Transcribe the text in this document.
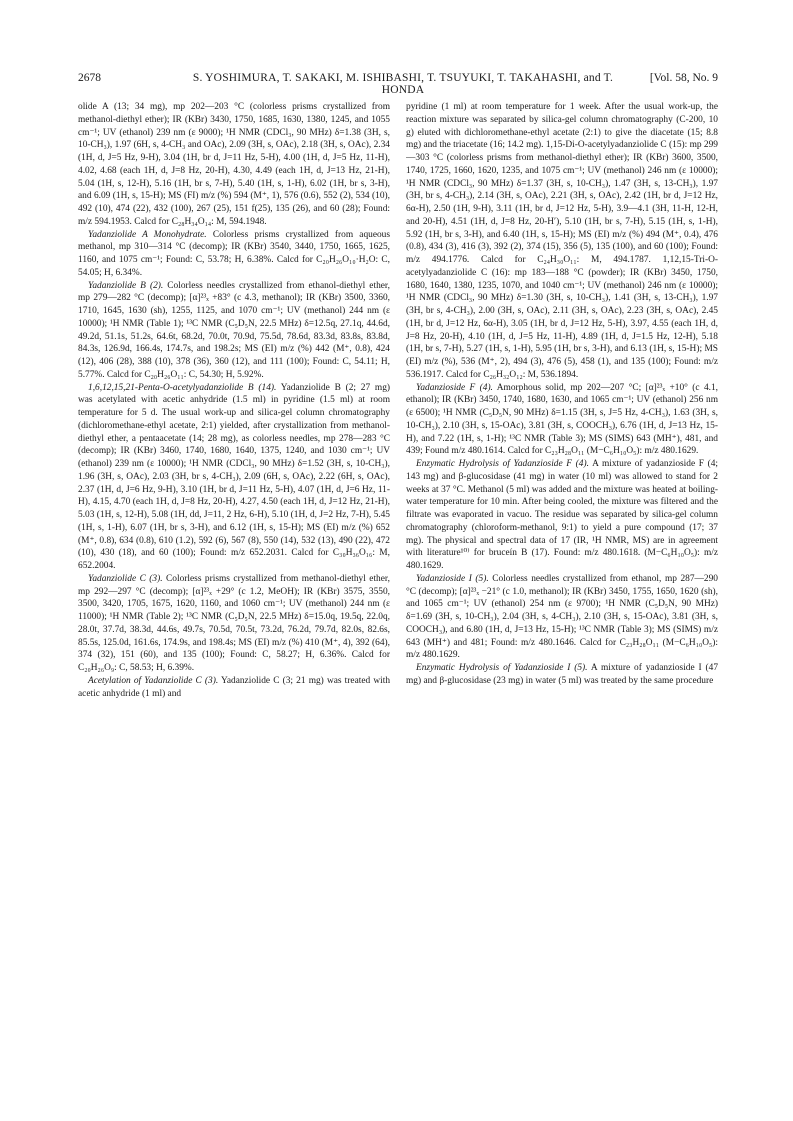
2678	S. YOSHIMURA, T. SAKAKI, M. ISHIBASHI, T. TSUYUKI, T. TAKAHASHI, and T. HONDA
[Vol. 58, No. 9

olide A (13; 34 mg), mp 202—203 °C (colorless prisms crystallized from methanol-diethyl ether); IR (KBr) 3430, 1750, 1685, 1630, 1380, 1245, and 1055 cm⁻¹; UV (ethanol) 239 nm (ε 9000); ¹H NMR (CDCl₃, 90 MHz) δ=1.38 (3H, s, 10-CH₃), 1.97 (6H, s, 4-CH₃ and OAc), 2.09 (3H, s, OAc), 2.18 (3H, s, OAc), 2.34 (1H, d, J=5 Hz, 9-H), 3.04 (1H, br d, J=11 Hz, 5-H), 4.00 (1H, d, J=5 Hz, 11-H), 4.02, 4.68 (each 1H, d, J=8 Hz, 20-H), 4.30, 4.49 (each 1H, d, J=13 Hz, 21-H), 5.04 (1H, s, 12-H), 5.16 (1H, br s, 7-H), 5.40 (1H, s, 1-H), 6.02 (1H, br s, 3-H), and 6.09 (1H, s, 15-H); MS (FI) m/z (%) 594 (M⁺, 1), 576 (0.6), 552 (2), 534 (10), 492 (10), 474 (22), 432 (100), 267 (25), 151 f(25), 135 (26), and 60 (28); Found: m/z 594.1953. Calcd for C₂₈H₃₄O₁₄: M, 594.1948.

Yadanziolide A Monohydrate. Colorless prisms crystallized from aqueous methanol, mp 310—314 °C (decomp); IR (KBr) 3540, 3440, 1750, 1665, 1625, 1160, and 1075 cm⁻¹; Found: C, 53.78; H, 6.38%. Calcd for C₂₀H₂₆O₁₀·H₂O: C, 54.05; H, 6.34%.

Yadanziolide B (2). Colorless needles crystallized from ethanol-diethyl ether, mp 279—282 °C (decomp); [α]²³ₓ +83° (c 4.3, methanol); IR (KBr) 3500, 3360, 1710, 1645, 1630 (sh), 1255, 1125, and 1070 cm⁻¹; UV (methanol) 244 nm (ε 10000); ¹H NMR (Table 1); ¹³C NMR (C₅D₅N, 22.5 MHz) δ=12.5q, 27.1q, 44.6d, 49.2d, 51.1s, 51.2s, 64.6t, 68.2d, 70.0t, 70.9d, 75.5d, 78.6d, 83.3d, 83.8s, 83.8d, 84.3s, 126.9d, 166.4s, 174.7s, and 198.2s; MS (EI) m/z (%) 442 (M⁺, 0.8), 424 (12), 406 (28), 388 (10), 378 (36), 360 (12), and 111 (100); Found: C, 54.11; H, 5.77%. Calcd for C₂₀H₂₆O₁₁: C, 54.30; H, 5.92%.

1,6,12,15,21-Penta-O-acetylyadanziolide B (14). Yadanziolide B (2; 27 mg) was acetylated with acetic anhydride (1.5 ml) in pyridine (1.5 ml) at room temperature for 5 d. The usual work-up and silica-gel column chromatography (dichloromethane-ethyl acetate, 2:1) yielded, after crystallization from methanol-diethyl ether, a pentaacetate (14; 28 mg), as colorless needles, mp 278—283 °C (decomp); IR (KBr) 3460, 1740, 1680, 1640, 1375, 1240, and 1030 cm⁻¹; UV (ethanol) 239 nm (ε 10000); ¹H NMR (CDCl₃, 90 MHz) δ=1.52 (3H, s, 10-CH₃), 1.96 (3H, s, OAc), 2.03 (3H, br s, 4-CH₃), 2.09 (6H, s, OAc), 2.22 (6H, s, OAc), 2.37 (1H, d, J=6 Hz, 9-H), 3.10 (1H, br d, J=11 Hz, 5-H), 4.07 (1H, d, J=6 Hz, 11-H), 4.15, 4.70 (each 1H, d, J=8 Hz, 20-H), 4.27, 4.50 (each 1H, d, J=12 Hz, 21-H), 5.03 (1H, s, 12-H), 5.08 (1H, dd, J=11, 2 Hz, 6-H), 5.10 (1H, d, J=2 Hz, 7-H), 5.45 (1H, s, 1-H), 6.07 (1H, br s, 3-H), and 6.12 (1H, s, 15-H); MS (EI) m/z (%) 652 (M⁺, 0.8), 634 (0.8), 610 (1.2), 592 (6), 567 (8), 550 (14), 532 (13), 490 (22), 472 (10), 430 (18), and 60 (100); Found: m/z 652.2031. Calcd for C₃₀H₃₆O₁₆: M, 652.2004.

Yadanziolide C (3). Colorless prisms crystallized from methanol-diethyl ether, mp 292—297 °C (decomp); [α]²³ₓ +29° (c 1.2, MeOH); IR (KBr) 3575, 3550, 3500, 3420, 1705, 1675, 1620, 1160, and 1060 cm⁻¹; UV (methanol) 244 nm (ε 11000); ¹H NMR (Table 2); ¹³C NMR (C₅D₅N, 22.5 MHz) δ=15.0q, 19.5q, 22.0q, 28.0t, 37.7d, 38.3d, 44.6s, 49.7s, 70.5d, 70.5t, 73.2d, 76.2d, 79.7d, 82.0s, 82.6s, 85.5s, 125.0d, 161.6s, 174.9s, and 198.4s; MS (EI) m/z (%) 410 (M⁺, 4), 392 (64), 374 (32), 151 (60), and 135 (100); Found: C, 58.27; H, 6.36%. Calcd for C₂₀H₂₆O₉: C, 58.53; H, 6.39%.

Acetylation of Yadanziolide C (3). Yadanziolide C (3; 21 mg) was treated with acetic anhydride (1 ml) and

pyridine (1 ml) at room temperature for 1 week. After the usual work-up, the reaction mixture was separated by silica-gel column chromatography (C-200, 10 g) eluted with dichloromethane-ethyl acetate (2:1) to give the diacetate (15; 8.8 mg) and the triacetate (16; 14.2 mg). 1,15-Di-O-acetylyadanziolide C (15): mp 299—303 °C (colorless prisms from methanol-diethyl ether); IR (KBr) 3600, 3500, 1740, 1725, 1660, 1620, 1235, and 1075 cm⁻¹; UV (methanol) 246 nm (ε 10000); ¹H NMR (CDCl₃, 90 MHz) δ=1.37 (3H, s, 10-CH₃), 1.47 (3H, s, 13-CH₃), 1.97 (3H, br s, 4-CH₃), 2.14 (3H, s, OAc), 2.21 (3H, s, OAc), 2.42 (1H, br d, J=12 Hz, 6α-H), 2.50 (1H, 9-H), 3.11 (1H, br d, J=12 Hz, 5-H), 3.9—4.1 (3H, 11-H, 12-H, and 20-H), 4.51 (1H, d, J=8 Hz, 20-H′), 5.10 (1H, br s, 7-H), 5.15 (1H, s, 1-H), 5.92 (1H, br s, 3-H), and 6.40 (1H, s, 15-H); MS (EI) m/z (%) 494 (M⁺, 0.4), 476 (0.8), 434 (3), 416 (3), 392 (2), 374 (15), 356 (5), 135 (100), and 60 (100); Found: m/z 494.1776. Calcd for C₂₄H₃₀O₁₁: M, 494.1787. 1,12,15-Tri-O-acetylyadanziolide C (16): mp 183—188 °C (powder); IR (KBr) 3450, 1750, 1680, 1640, 1380, 1235, 1070, and 1040 cm⁻¹; UV (methanol) 246 nm (ε 10000); ¹H NMR (CDCl₃, 90 MHz) δ=1.30 (3H, s, 10-CH₃), 1.41 (3H, s, 13-CH₃), 1.97 (3H, br s, 4-CH₃), 2.00 (3H, s, OAc), 2.11 (3H, s, OAc), 2.23 (3H, s, OAc), 2.45 (1H, br d, J=12 Hz, 6α-H), 3.05 (1H, br d, J=12 Hz, 5-H), 3.97, 4.55 (each 1H, d, J=8 Hz, 20-H), 4.10 (1H, d, J=5 Hz, 11-H), 4.89 (1H, d, J=1.5 Hz, 12-H), 5.18 (1H, br s, 7-H), 5.27 (1H, s, 1-H), 5.95 (1H, br s, 3-H), and 6.13 (1H, s, 15-H); MS (EI) m/z (%), 536 (M⁺, 2), 494 (3), 476 (5), 458 (1), and 135 (100); Found: m/z 536.1917. Calcd for C₂₆H₃₂O₁₂: M, 536.1894.

Yadanzioside F (4). Amorphous solid, mp 202—207 °C; [α]²³ₓ +10° (c 4.1, ethanol); IR (KBr) 3450, 1740, 1680, 1630, and 1065 cm⁻¹; UV (ethanol) 256 nm (ε 6500); ¹H NMR (C₅D₅N, 90 MHz) δ=1.15 (3H, s, J=5 Hz, 4-CH₃), 1.63 (3H, s, 10-CH₃), 2.10 (3H, s, 15-OAc), 3.81 (3H, s, COOCH₃), 6.76 (1H, d, J=13 Hz, 15-H), and 7.22 (1H, s, 1-H); ¹³C NMR (Table 3); MS (SIMS) 643 (MH⁺), 481, and 439; Found m/z 480.1614. Calcd for C₂₃H₂₈O₁₁ (M−C₆H₁₀O₅): m/z 480.1629.

Enzymatic Hydrolysis of Yadanzioside F (4). A mixture of yadanzioside F (4; 143 mg) and β-glucosidase (41 mg) in water (10 ml) was allowed to stand for 2 weeks at 37 °C. Methanol (5 ml) was added and the mixture was heated at boiling-water temperature for 10 min. After being cooled, the mixture was filtered and the filtrate was evaporated in vacuo. The residue was separated by silica-gel column chromatography (chloroform-methanol, 9:1) to yield a pure compound (17; 37 mg). The physical and spectral data of 17 (IR, ¹H NMR, MS) are in agreement with literature¹⁰⁾ for bruceín B (17). Found: m/z 480.1618. (M−C₆H₁₀O₅): m/z 480.1629.

Yadanzioside I (5). Colorless needles crystallized from ethanol, mp 287—290 °C (decomp); [α]²³ₓ −21° (c 1.0, methanol); IR (KBr) 3450, 1755, 1650, 1620 (sh), and 1065 cm⁻¹; UV (ethanol) 254 nm (ε 9700); ¹H NMR (C₅D₅N, 90 MHz) δ=1.69 (3H, s, 10-CH₃), 2.04 (3H, s, 4-CH₃), 2.10 (3H, s, 15-OAc), 3.81 (3H, s, COOCH₃), and 6.80 (1H, d, J=13 Hz, 15-H); ¹³C NMR (Table 3); MS (SIMS) m/z 643 (MH⁺) and 481; Found: m/z 480.1646. Calcd for C₂₃H₂₈O₁₁ (M−C₆H₁₀O₅): m/z 480.1629.

Enzymatic Hydrolysis of Yadanzioside I (5). A mixture of yadanzioside I (47 mg) and β-glucosidase (23 mg) in water (5 ml) was treated by the same procedure
